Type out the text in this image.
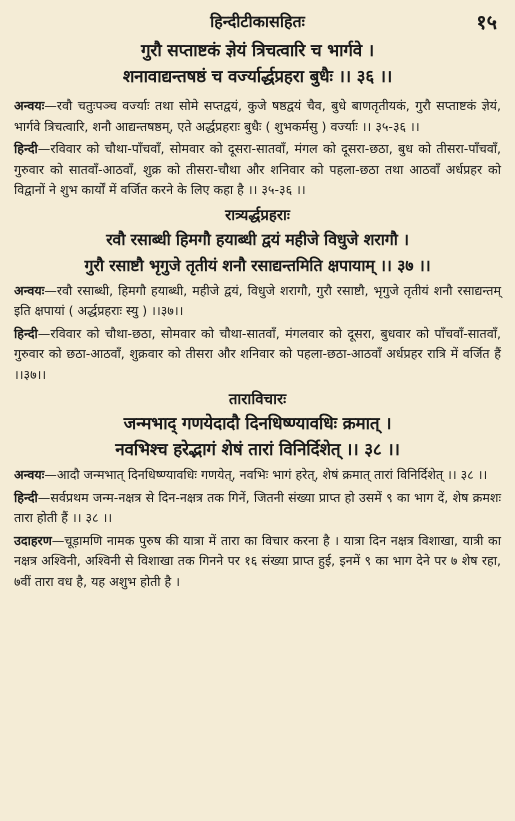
हिन्दीटीकासहितः	१५
गुरौ सप्ताष्टकं ज्ञेयं त्रिचत्वारि च भार्गवे ।
शनावाद्यन्तषष्ठं च वर्ज्यार्द्धप्रहरा बुधैः ।। ३६ ।।

अन्वयः—रवौ चतुःपञ्च वर्ज्याः तथा सोमे सप्तद्वयं, कुजे षष्ठद्वयं चैव, बुधे बाणतृतीयकं, गुरौ सप्ताष्टकं ज्ञेयं, भार्गवे त्रिचत्वारि, शनौ आद्यन्तषष्ठम्, एते अर्द्धप्रहराः बुधैः ( शुभकर्मसु ) वर्ज्याः ।। ३५-३६ ।।

हिन्दी—रविवार को चौथा-पाँचवाँ, सोमवार को दूसरा-सातवाँ, मंगल को दूसरा-छठा, बुध को तीसरा-पाँचवाँ, गुरुवार को सातवाँ-आठवाँ, शुक्र को तीसरा-चौथा और शनिवार को पहला-छठा तथा आठवाँ अर्धप्रहर को विद्वानों ने शुभ कार्यों में वर्जित करने के लिए कहा है ।। ३५-३६ ।।

रात्र्यर्द्धप्रहराः
रवौ रसाब्धी हिमगौ हयाब्धी द्वयं महीजे विधुजे शरागौ ।
गुरौ रसाष्टौ भृगुजे तृतीयं शनौ रसाद्यन्तमिति क्षपायाम् ।। ३७ ।।

अन्वयः—रवौ रसाब्धी, हिमगौ हयाब्धी, महीजे द्वयं, विधुजे शरागौ, गुरौ रसाष्टौ, भृगुजे तृतीयं शनौ रसाद्यन्तम् इति क्षपायां ( अर्द्धप्रहराः स्यु ) ।।३७।।

हिन्दी—रविवार को चौथा-छठा, सोमवार को चौथा-सातवाँ, मंगलवार को दूसरा, बुधवार को पाँचवाँ-सातवाँ, गुरुवार को छठा-आठवाँ, शुक्रवार को तीसरा और शनिवार को पहला-छठा-आठवाँ अर्धप्रहर रात्रि में वर्जित हैं ।।३७।।

ताराविचारः
जन्मभाद् गणयेदादौ दिनधिष्ण्यावधिः क्रमात् ।
नवभिश्च हरेद्भागं शेषं तारां विनिर्दिशेत् ।। ३८ ।।

अन्वयः—आदौ जन्मभात् दिनधिष्ण्यावधिः गणयेत्, नवभिः भागं हरेत्, शेषं क्रमात् तारां विनिर्दिशेत् ।। ३८ ।।

हिन्दी—सर्वप्रथम जन्म-नक्षत्र से दिन-नक्षत्र तक गिनें, जितनी संख्या प्राप्त हो उसमें ९ का भाग दें, शेष क्रमशः तारा होती हैं ।। ३८ ।।

उदाहरण—चूड़ामणि नामक पुरुष की यात्रा में तारा का विचार करना है । यात्रा दिन नक्षत्र विशाखा, यात्री का नक्षत्र अश्विनी, अश्विनी से विशाखा तक गिनने पर १६ संख्या प्राप्त हुई, इनमें ९ का भाग देने पर ७ शेष रहा, ७वीं तारा वध है, यह अशुभ होती है ।
